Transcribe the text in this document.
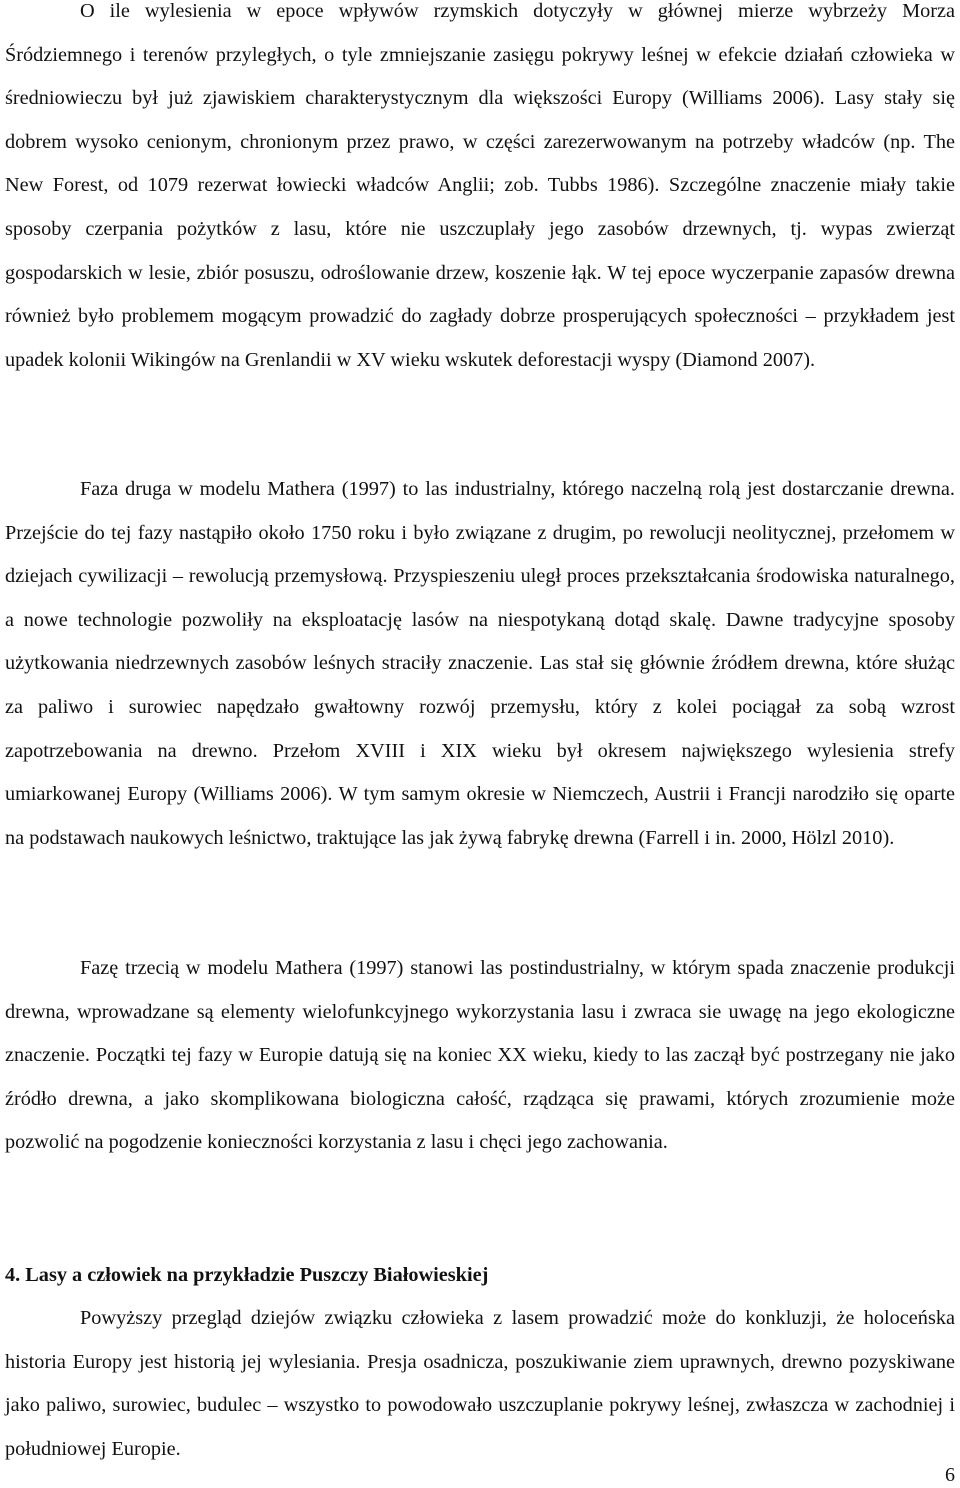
O ile wylesienia w epoce wpływów rzymskich dotyczyły w głównej mierze wybrzeży Morza Śródziemnego i terenów przyległych, o tyle zmniejszanie zasięgu pokrywy leśnej w efekcie działań człowieka w średniowieczu był już zjawiskiem charakterystycznym dla większości Europy (Williams 2006). Lasy stały się dobrem wysoko cenionym, chronionym przez prawo, w części zarezerwowanym na potrzeby władców (np. The New Forest, od 1079 rezerwat łowiecki władców Anglii; zob. Tubbs 1986). Szczególne znaczenie miały takie sposoby czerpania pożytków z lasu, które nie uszczuplały jego zasobów drzewnych, tj. wypas zwierząt gospodarskich w lesie, zbiór posuszu, odroślowanie drzew, koszenie łąk. W tej epoce wyczerpanie zapasów drewna również było problemem mogącym prowadzić do zagłady dobrze prosperujących społeczności – przykładem jest upadek kolonii Wikingów na Grenlandii w XV wieku wskutek deforestacji wyspy (Diamond 2007).

Faza druga w modelu Mathera (1997) to las industrialny, którego naczelną rolą jest dostarczanie drewna. Przejście do tej fazy nastąpiło około 1750 roku i było związane z drugim, po rewolucji neolitycznej, przełomem w dziejach cywilizacji – rewolucją przemysłową. Przyspieszeniu uległ proces przekształcania środowiska naturalnego, a nowe technologie pozwoliły na eksploatację lasów na niespotykaną dotąd skalę. Dawne tradycyjne sposoby użytkowania niedrzewnych zasobów leśnych straciły znaczenie. Las stał się głównie źródłem drewna, które służąc za paliwo i surowiec napędzało gwałtowny rozwój przemysłu, który z kolei pociągał za sobą wzrost zapotrzebowania na drewno. Przełom XVIII i XIX wieku był okresem największego wylesienia strefy umiarkowanej Europy (Williams 2006). W tym samym okresie w Niemczech, Austrii i Francji narodziło się oparte na podstawach naukowych leśnictwo, traktujące las jak żywą fabrykę drewna (Farrell i in. 2000, Hölzl 2010).

Fazę trzecią w modelu Mathera (1997) stanowi las postindustrialny, w którym spada znaczenie produkcji drewna, wprowadzane są elementy wielofunkcyjnego wykorzystania lasu i zwraca sie uwagę na jego ekologiczne znaczenie. Początki tej fazy w Europie datują się na koniec XX wieku, kiedy to las zaczął być postrzegany nie jako źródło drewna, a jako skomplikowana biologiczna całość, rządząca się prawami, których zrozumienie może pozwolić na pogodzenie konieczności korzystania z lasu i chęci jego zachowania.

4. Lasy a człowiek na przykładzie Puszczy Białowieskiej

Powyższy przegląd dziejów związku człowieka z lasem prowadzić może do konkluzji, że holoceńska historia Europy jest historią jej wylesiania. Presja osadnicza, poszukiwanie ziem uprawnych, drewno pozyskiwane jako paliwo, surowiec, budulec – wszystko to powodowało uszczuplanie pokrywy leśnej, zwłaszcza w zachodniej i południowej Europie.

6
